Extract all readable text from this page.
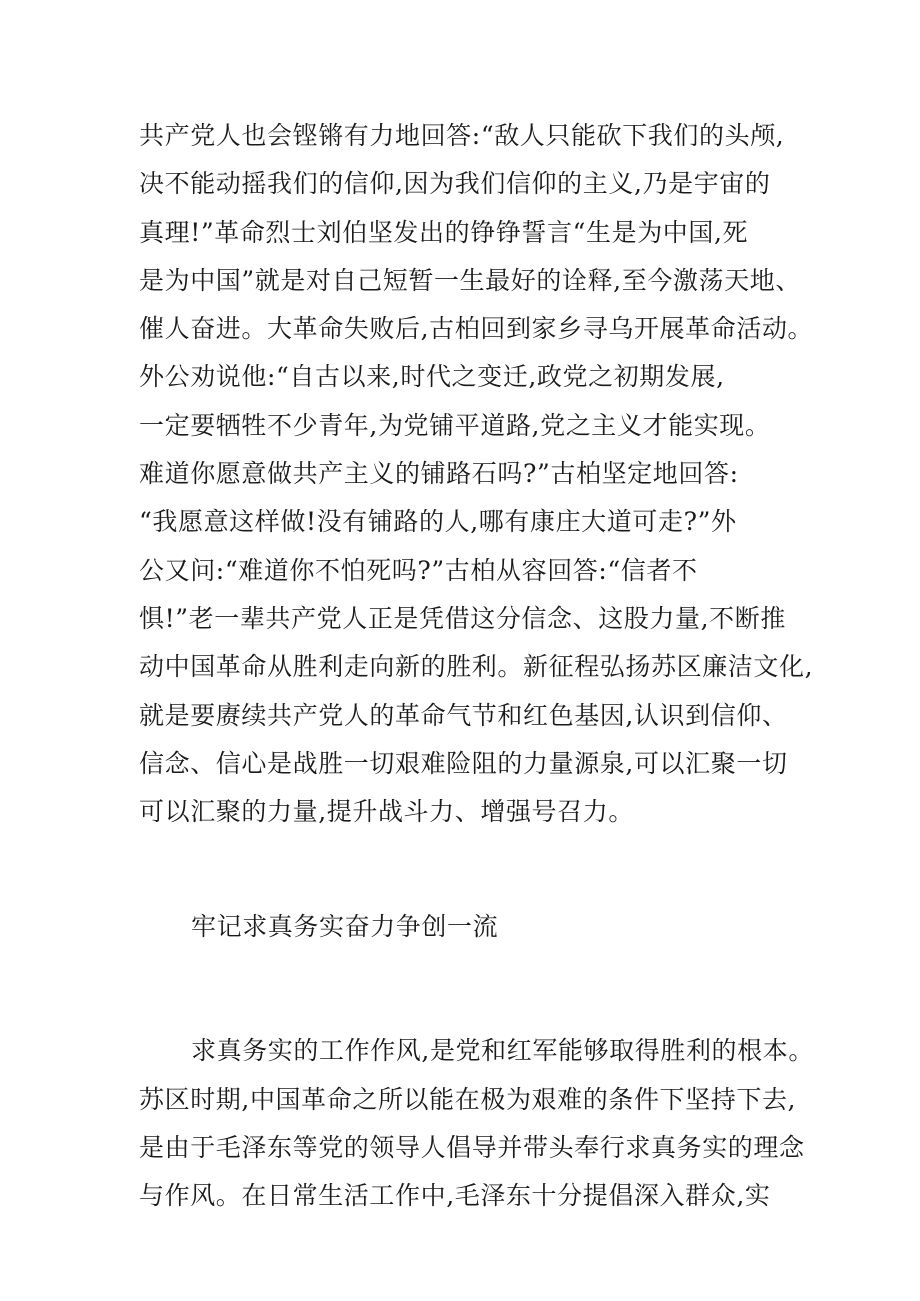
共产党人也会铿锵有力地回答:“敌人只能砍下我们的头颅,
决不能动摇我们的信仰,因为我们信仰的主义,乃是宇宙的
真理!”革命烈士刘伯坚发出的铮铮誓言“生是为中国,死
是为中国”就是对自己短暂一生最好的诠释,至今激荡天地、
催人奋进。大革命失败后,古柏回到家乡寻乌开展革命活动。
外公劝说他:“自古以来,时代之变迁,政党之初期发展,
一定要牺牲不少青年,为党铺平道路,党之主义才能实现。
难道你愿意做共产主义的铺路石吗?”古柏坚定地回答:
“我愿意这样做!没有铺路的人,哪有康庄大道可走?”外
公又问:“难道你不怕死吗?”古柏从容回答:“信者不
惧!”老一辈共产党人正是凭借这分信念、这股力量,不断推
动中国革命从胜利走向新的胜利。新征程弘扬苏区廉洁文化,
就是要赓续共产党人的革命气节和红色基因,认识到信仰、
信念、信心是战胜一切艰难险阻的力量源泉,可以汇聚一切
可以汇聚的力量,提升战斗力、增强号召力。
牢记求真务实奋力争创一流
求真务实的工作作风,是党和红军能够取得胜利的根本。
苏区时期,中国革命之所以能在极为艰难的条件下坚持下去,
是由于毛泽东等党的领导人倡导并带头奉行求真务实的理念
与作风。在日常生活工作中,毛泽东十分提倡深入群众,实
